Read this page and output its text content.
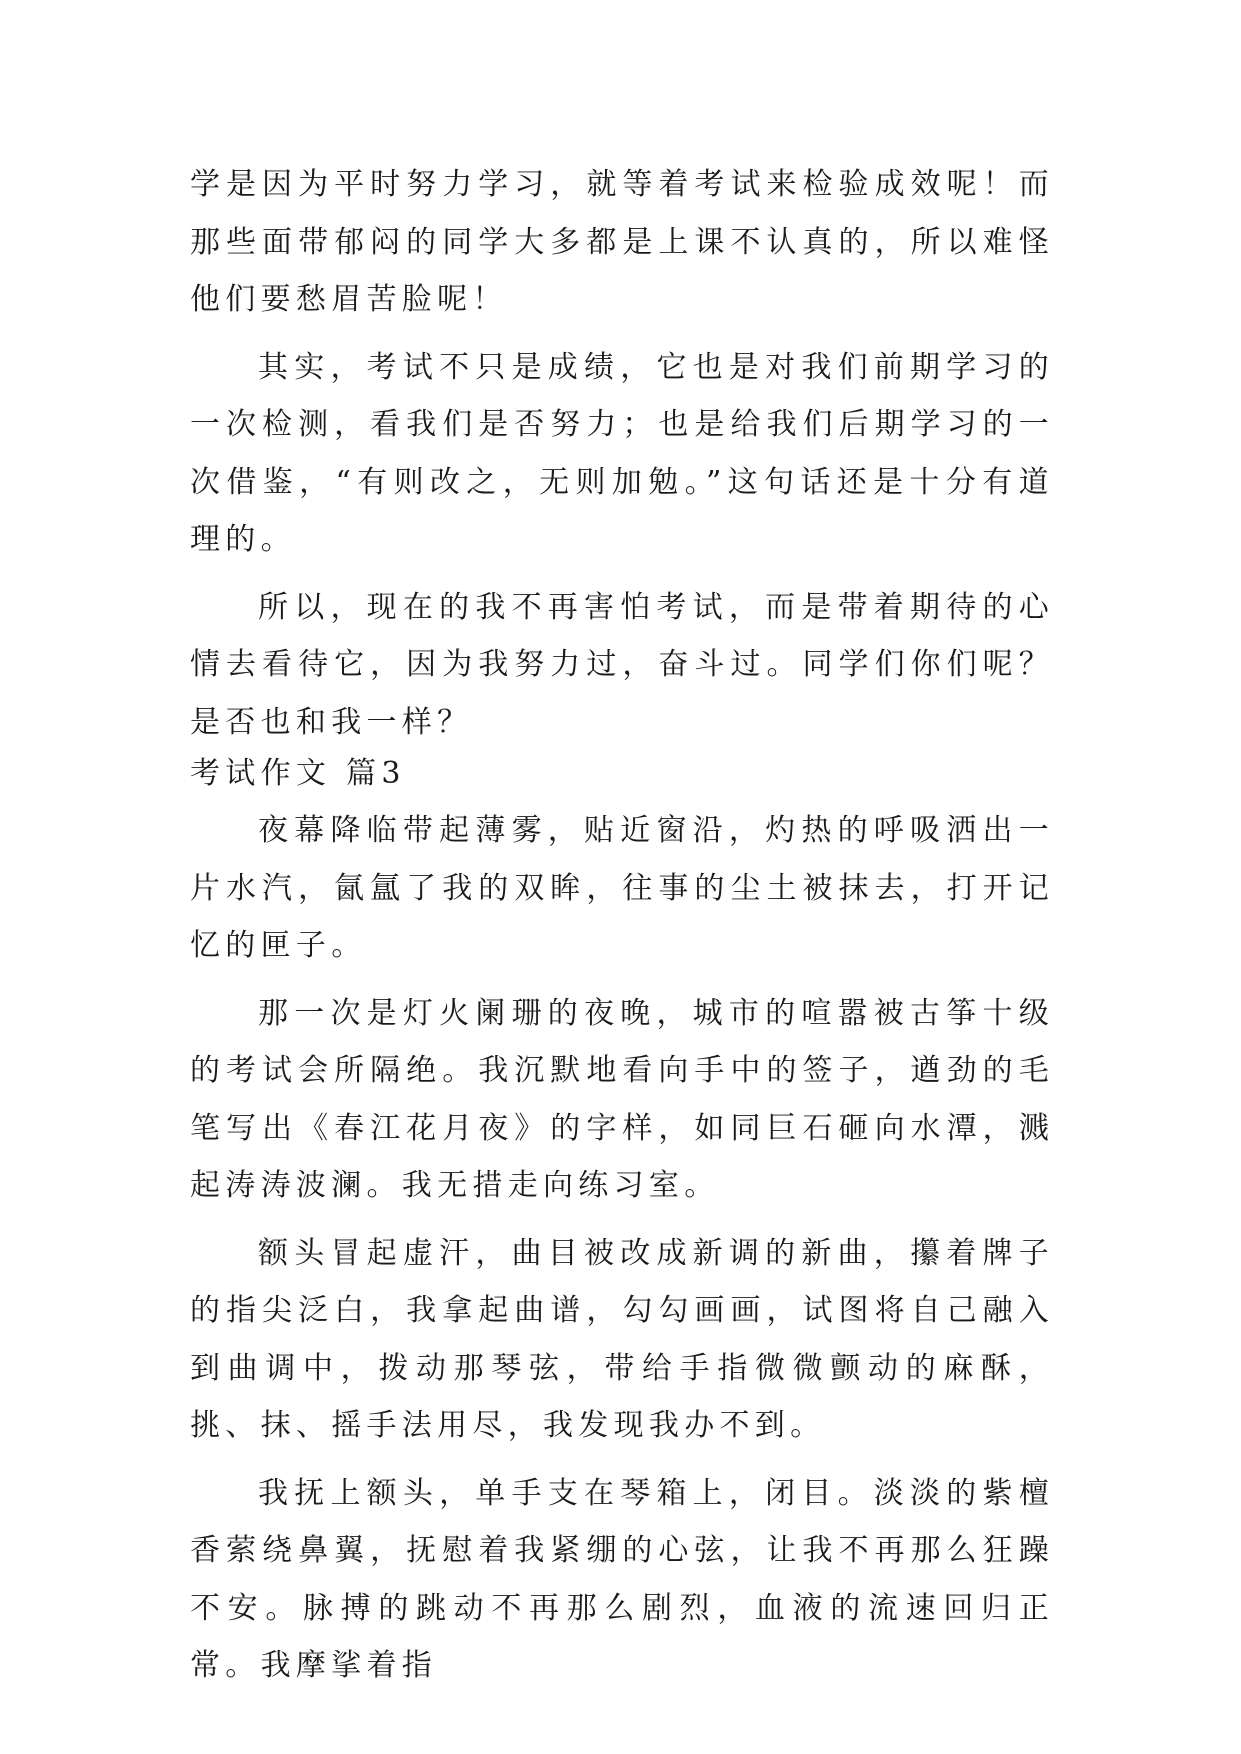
学是因为平时努力学习，就等着考试来检验成效呢！而那些面带郁闷的同学大多都是上课不认真的，所以难怪他们要愁眉苦脸呢！

其实，考试不只是成绩，它也是对我们前期学习的一次检测，看我们是否努力；也是给我们后期学习的一次借鉴，“有则改之，无则加勉。”这句话还是十分有道理的。

所以，现在的我不再害怕考试，而是带着期待的心情去看待它，因为我努力过，奋斗过。同学们你们呢？是否也和我一样？

考试作文 篇3

夜幕降临带起薄雾，贴近窗沿，灼热的呼吸洒出一片水汽，氤氲了我的双眸，往事的尘土被抹去，打开记忆的匣子。

那一次是灯火阑珊的夜晚，城市的喧嚣被古筝十级的考试会所隔绝。我沉默地看向手中的签子，遒劲的毛笔写出《春江花月夜》的字样，如同巨石砸向水潭，溅起涛涛波澜。我无措走向练习室。

额头冒起虚汗，曲目被改成新调的新曲，攥着牌子的指尖泛白，我拿起曲谱，勾勾画画，试图将自己融入到曲调中，拨动那琴弦，带给手指微微颤动的麻酥，挑、抹、摇手法用尽，我发现我办不到。

我抚上额头，单手支在琴箱上，闭目。淡淡的紫檀香萦绕鼻翼，抚慰着我紧绷的心弦，让我不再那么狂躁不安。脉搏的跳动不再那么剧烈，血液的流速回归正常。我摩挲着指
